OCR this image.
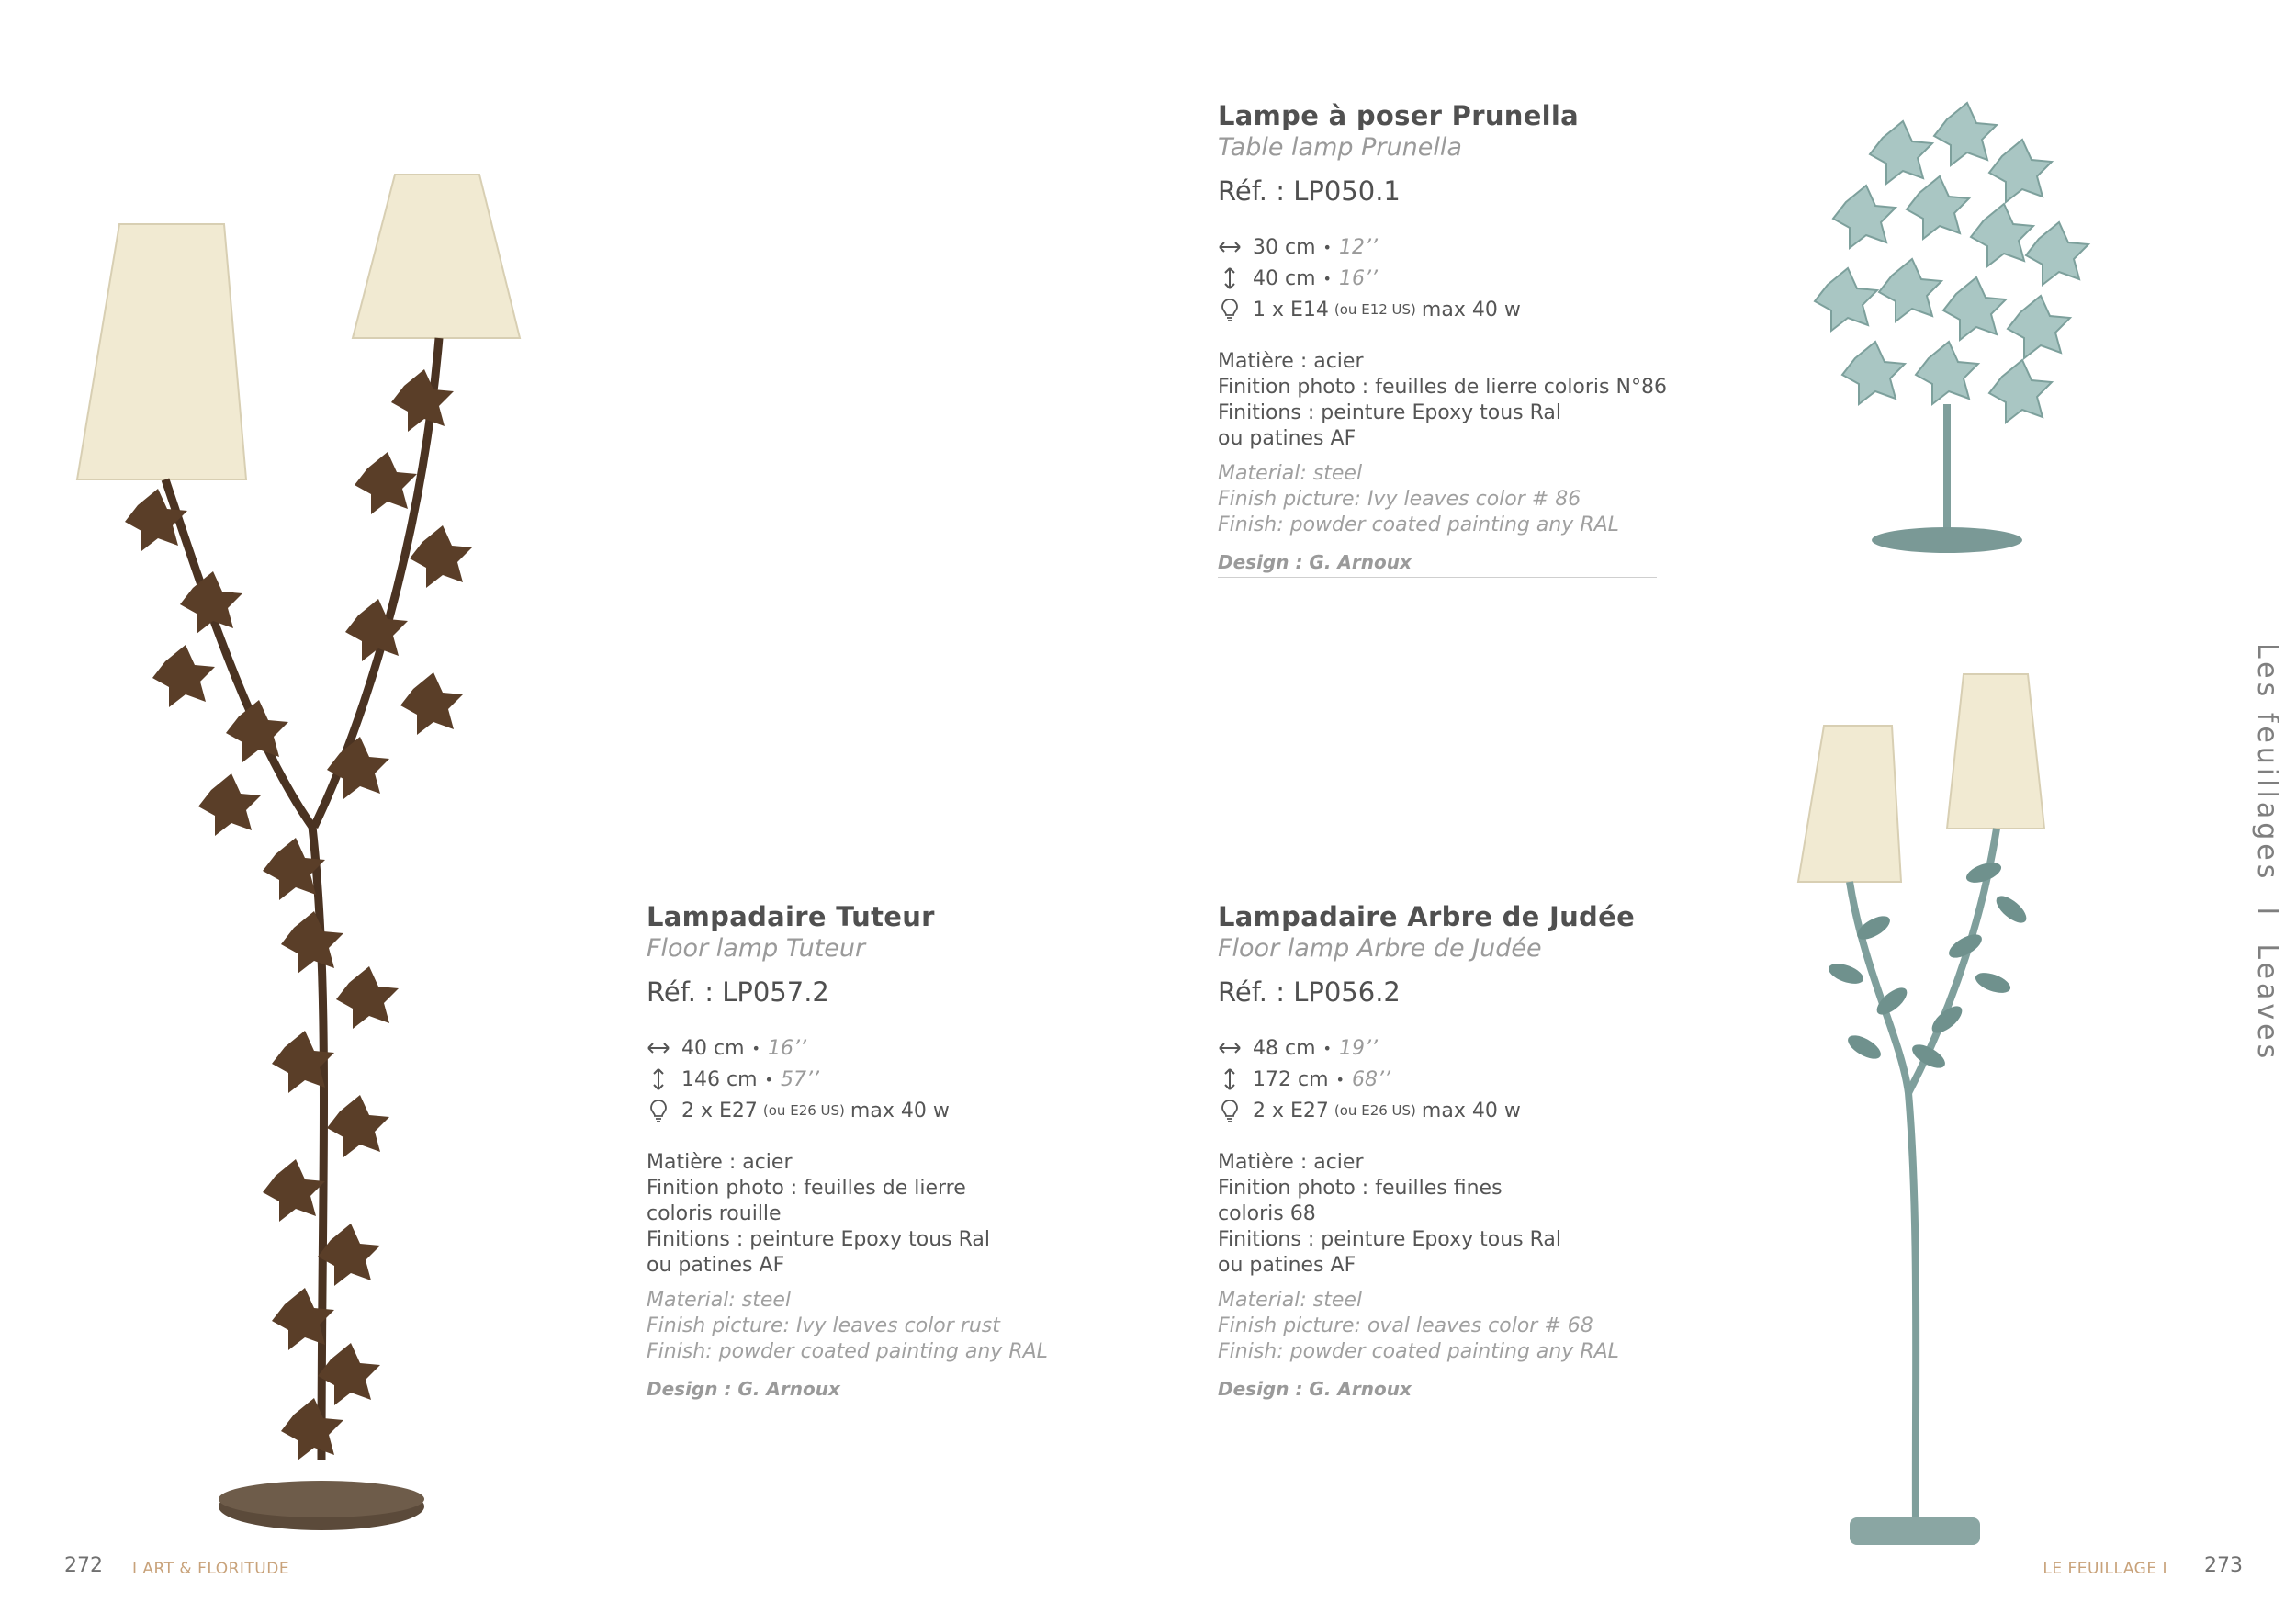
Lampe à poser Prunella
Table lamp Prunella
Réf. : LP050.1
30 cm • 12’’
40 cm • 16’’
1 x E14 (ou E12 US) max 40 w
Matière : acier
Finition photo : feuilles de lierre coloris N°86
Finitions : peinture Epoxy tous Ral
ou patines AF
Material: steel
Finish picture: Ivy leaves color # 86
Finish: powder coated painting any RAL
Design : G. Arnoux
Lampadaire Tuteur
Floor lamp Tuteur
Réf. : LP057.2
40 cm • 16’’
146 cm • 57’’
2 x E27 (ou E26 US) max 40 w
Matière : acier
Finition photo : feuilles de lierre
coloris rouille
Finitions : peinture Epoxy tous Ral
ou patines AF
Material: steel
Finish picture: Ivy leaves color rust
Finish: powder coated painting any RAL
Design : G. Arnoux
Lampadaire Arbre de Judée
Floor lamp Arbre de Judée
Réf. : LP056.2
48 cm • 19’’
172 cm • 68’’
2 x E27 (ou E26 US) max 40 w
Matière : acier
Finition photo : feuilles fines
coloris 68
Finitions : peinture Epoxy tous Ral
ou patines AF
Material: steel
Finish picture: oval leaves color # 68
Finish: powder coated painting any RAL
Design : G. Arnoux
Les feuillages  I  Leaves
272 I ART & FLORITUDE	LE FEUILLAGE I 273
